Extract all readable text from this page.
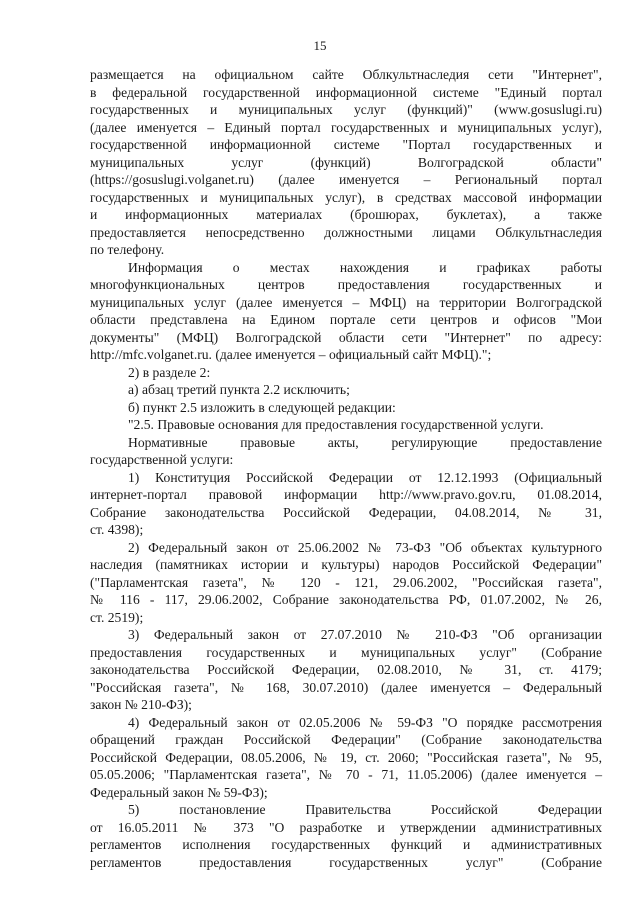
15
размещается на официальном сайте Облкультнаследия сети "Интернет",
в федеральной государственной информационной системе "Единый портал
государственных и муниципальных услуг (функций)" (www.gosuslugi.ru)
(далее именуется – Единый портал государственных и муниципальных услуг),
государственной информационной системе "Портал государственных и
муниципальных услуг (функций) Волгоградской области"
(https://gosuslugi.volganet.ru) (далее именуется – Региональный портал
государственных и муниципальных услуг), в средствах массовой информации
и информационных материалах (брошюрах, буклетах), а также
предоставляется непосредственно должностными лицами Облкультнаследия
по телефону.
Информация о местах нахождения и графиках работы
многофункциональных центров предоставления государственных и
муниципальных услуг (далее именуется – МФЦ) на территории Волгоградской
области представлена на Едином портале сети центров и офисов "Мои
документы" (МФЦ) Волгоградской области сети "Интернет" по адресу:
http://mfc.volganet.ru. (далее именуется – официальный сайт МФЦ).";
2) в разделе 2:
а) абзац третий пункта 2.2 исключить;
б) пункт 2.5 изложить в следующей редакции:
"2.5. Правовые основания для предоставления государственной услуги.
Нормативные правовые акты, регулирующие предоставление
государственной услуги:
1) Конституция Российской Федерации от 12.12.1993 (Официальный
интернет-портал правовой информации http://www.pravo.gov.ru, 01.08.2014,
Собрание законодательства Российской Федерации, 04.08.2014, № 31,
ст. 4398);
2) Федеральный закон от 25.06.2002 № 73-ФЗ "Об объектах культурного
наследия (памятниках истории и культуры) народов Российской Федерации"
("Парламентская газета", № 120 - 121, 29.06.2002, "Российская газета",
№ 116 - 117, 29.06.2002, Собрание законодательства РФ, 01.07.2002, № 26,
ст. 2519);
3) Федеральный закон от 27.07.2010 № 210-ФЗ "Об организации
предоставления государственных и муниципальных услуг" (Собрание
законодательства Российской Федерации, 02.08.2010, № 31, ст. 4179;
"Российская газета", № 168, 30.07.2010) (далее именуется – Федеральный
закон № 210-ФЗ);
4) Федеральный закон от 02.05.2006 № 59-ФЗ "О порядке рассмотрения
обращений граждан Российской Федерации" (Собрание законодательства
Российской Федерации, 08.05.2006, № 19, ст. 2060; "Российская газета", № 95,
05.05.2006; "Парламентская газета", № 70 - 71, 11.05.2006) (далее именуется –
Федеральный закон № 59-ФЗ);
5) постановление Правительства Российской Федерации
от 16.05.2011 № 373 "О разработке и утверждении административных
регламентов исполнения государственных функций и административных
регламентов предоставления государственных услуг" (Собрание
